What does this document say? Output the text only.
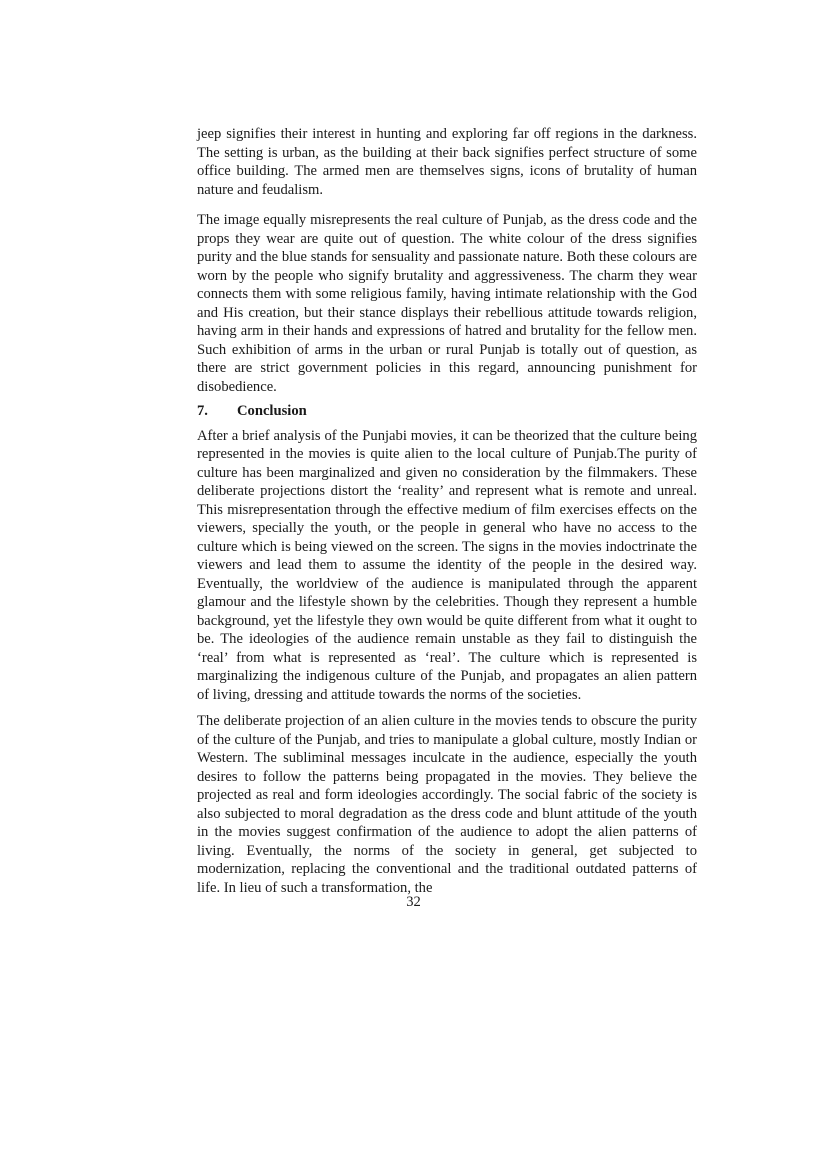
jeep signifies their interest in hunting and exploring far off regions in the darkness. The setting is urban, as the building at their back signifies perfect structure of some office building. The armed men are themselves signs, icons of brutality of human nature and feudalism.

The image equally misrepresents the real culture of Punjab, as the dress code and the props they wear are quite out of question. The white colour of the dress signifies purity and the blue stands for sensuality and passionate nature. Both these colours are worn by the people who signify brutality and aggressiveness. The charm they wear connects them with some religious family, having intimate relationship with the God and His creation, but their stance displays their rebellious attitude towards religion, having arm in their hands and expressions of hatred and brutality for the fellow men. Such exhibition of arms in the urban or rural Punjab is totally out of question, as there are strict government policies in this regard, announcing punishment for disobedience.

7.	Conclusion

After a brief analysis of the Punjabi movies, it can be theorized that the culture being represented in the movies is quite alien to the local culture of Punjab.The purity of culture has been marginalized and given no consideration by the filmmakers. These deliberate projections distort the ‘reality’ and represent what is remote and unreal. This misrepresentation through the effective medium of film exercises effects on the viewers, specially the youth, or the people in general who have no access to the culture which is being viewed on the screen. The signs in the movies indoctrinate the viewers and lead them to assume the identity of the people in the desired way. Eventually, the worldview of the audience is manipulated through the apparent glamour and the lifestyle shown by the celebrities. Though they represent a humble background, yet the lifestyle they own would be quite different from what it ought to be. The ideologies of the audience remain unstable as they fail to distinguish the ‘real’ from what is represented as ‘real’. The culture which is represented is marginalizing the indigenous culture of the Punjab, and propagates an alien pattern of living, dressing and attitude towards the norms of the societies.

The deliberate projection of an alien culture in the movies tends to obscure the purity of the culture of the Punjab, and tries to manipulate a global culture, mostly Indian or Western. The subliminal messages inculcate in the audience, especially the youth desires to follow the patterns being propagated in the movies. They believe the projected as real and form ideologies accordingly. The social fabric of the society is also subjected to moral degradation as the dress code and blunt attitude of the youth in the movies suggest confirmation of the audience to adopt the alien patterns of living. Eventually, the norms of the society in general, get subjected to modernization, replacing the conventional and the traditional outdated patterns of life. In lieu of such a transformation, the

32
